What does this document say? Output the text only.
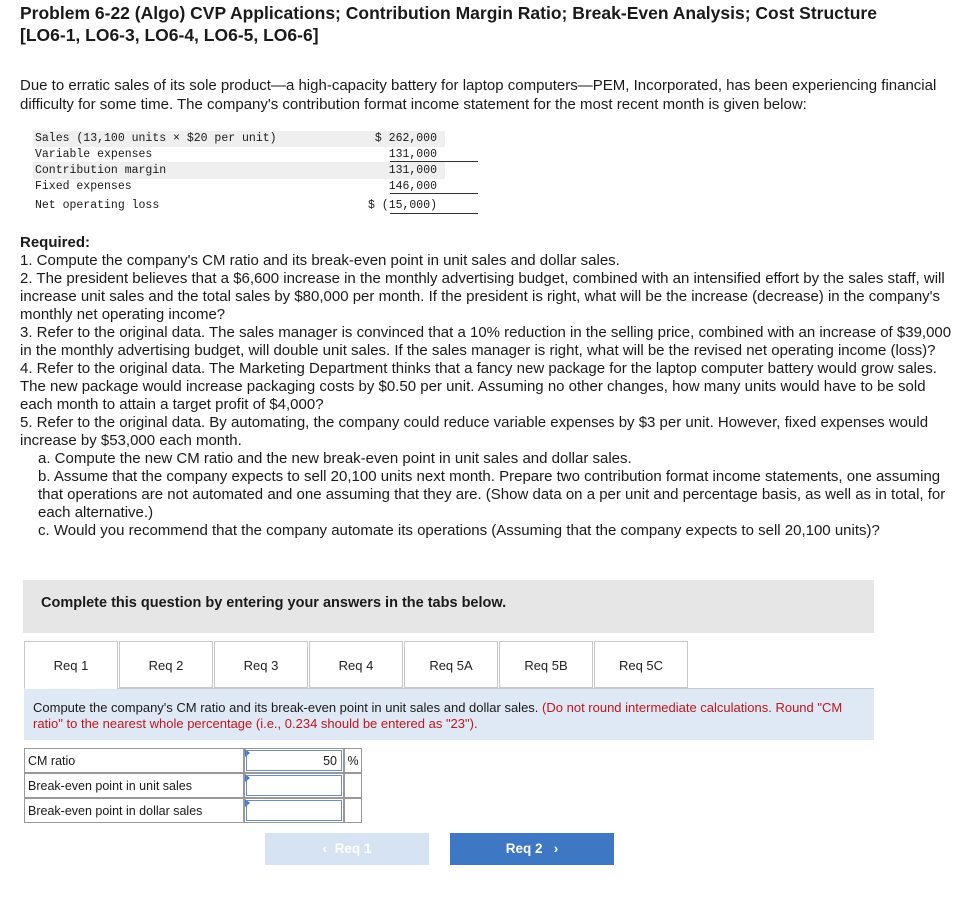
Problem 6-22 (Algo) CVP Applications; Contribution Margin Ratio; Break-Even Analysis; Cost Structure
[LO6-1, LO6-3, LO6-4, LO6-5, LO6-6]
Due to erratic sales of its sole product—a high-capacity battery for laptop computers—PEM, Incorporated, has been experiencing financial difficulty for some time. The company's contribution format income statement for the most recent month is given below:
Sales (13,100 units × $20 per unit)	$ 262,000
Variable expenses	131,000
Contribution margin	131,000
Fixed expenses	146,000
Net operating loss	$ (15,000)
Required:
1. Compute the company's CM ratio and its break-even point in unit sales and dollar sales.
2. The president believes that a $6,600 increase in the monthly advertising budget, combined with an intensified effort by the sales staff, will increase unit sales and the total sales by $80,000 per month. If the president is right, what will be the increase (decrease) in the company's monthly net operating income?
3. Refer to the original data. The sales manager is convinced that a 10% reduction in the selling price, combined with an increase of $39,000 in the monthly advertising budget, will double unit sales. If the sales manager is right, what will be the revised net operating income (loss)?
4. Refer to the original data. The Marketing Department thinks that a fancy new package for the laptop computer battery would grow sales. The new package would increase packaging costs by $0.50 per unit. Assuming no other changes, how many units would have to be sold each month to attain a target profit of $4,000?
5. Refer to the original data. By automating, the company could reduce variable expenses by $3 per unit. However, fixed expenses would increase by $53,000 each month.
a. Compute the new CM ratio and the new break-even point in unit sales and dollar sales.
b. Assume that the company expects to sell 20,100 units next month. Prepare two contribution format income statements, one assuming that operations are not automated and one assuming that they are. (Show data on a per unit and percentage basis, as well as in total, for each alternative.)
c. Would you recommend that the company automate its operations (Assuming that the company expects to sell 20,100 units)?
Complete this question by entering your answers in the tabs below.
Req 1	Req 2	Req 3	Req 4	Req 5A	Req 5B	Req 5C
Compute the company's CM ratio and its break-even point in unit sales and dollar sales. (Do not round intermediate calculations. Round "CM ratio" to the nearest whole percentage (i.e., 0.234 should be entered as "23").
CM ratio	50 %
Break-even point in unit sales
Break-even point in dollar sales
‹ Req 1	Req 2 ›
